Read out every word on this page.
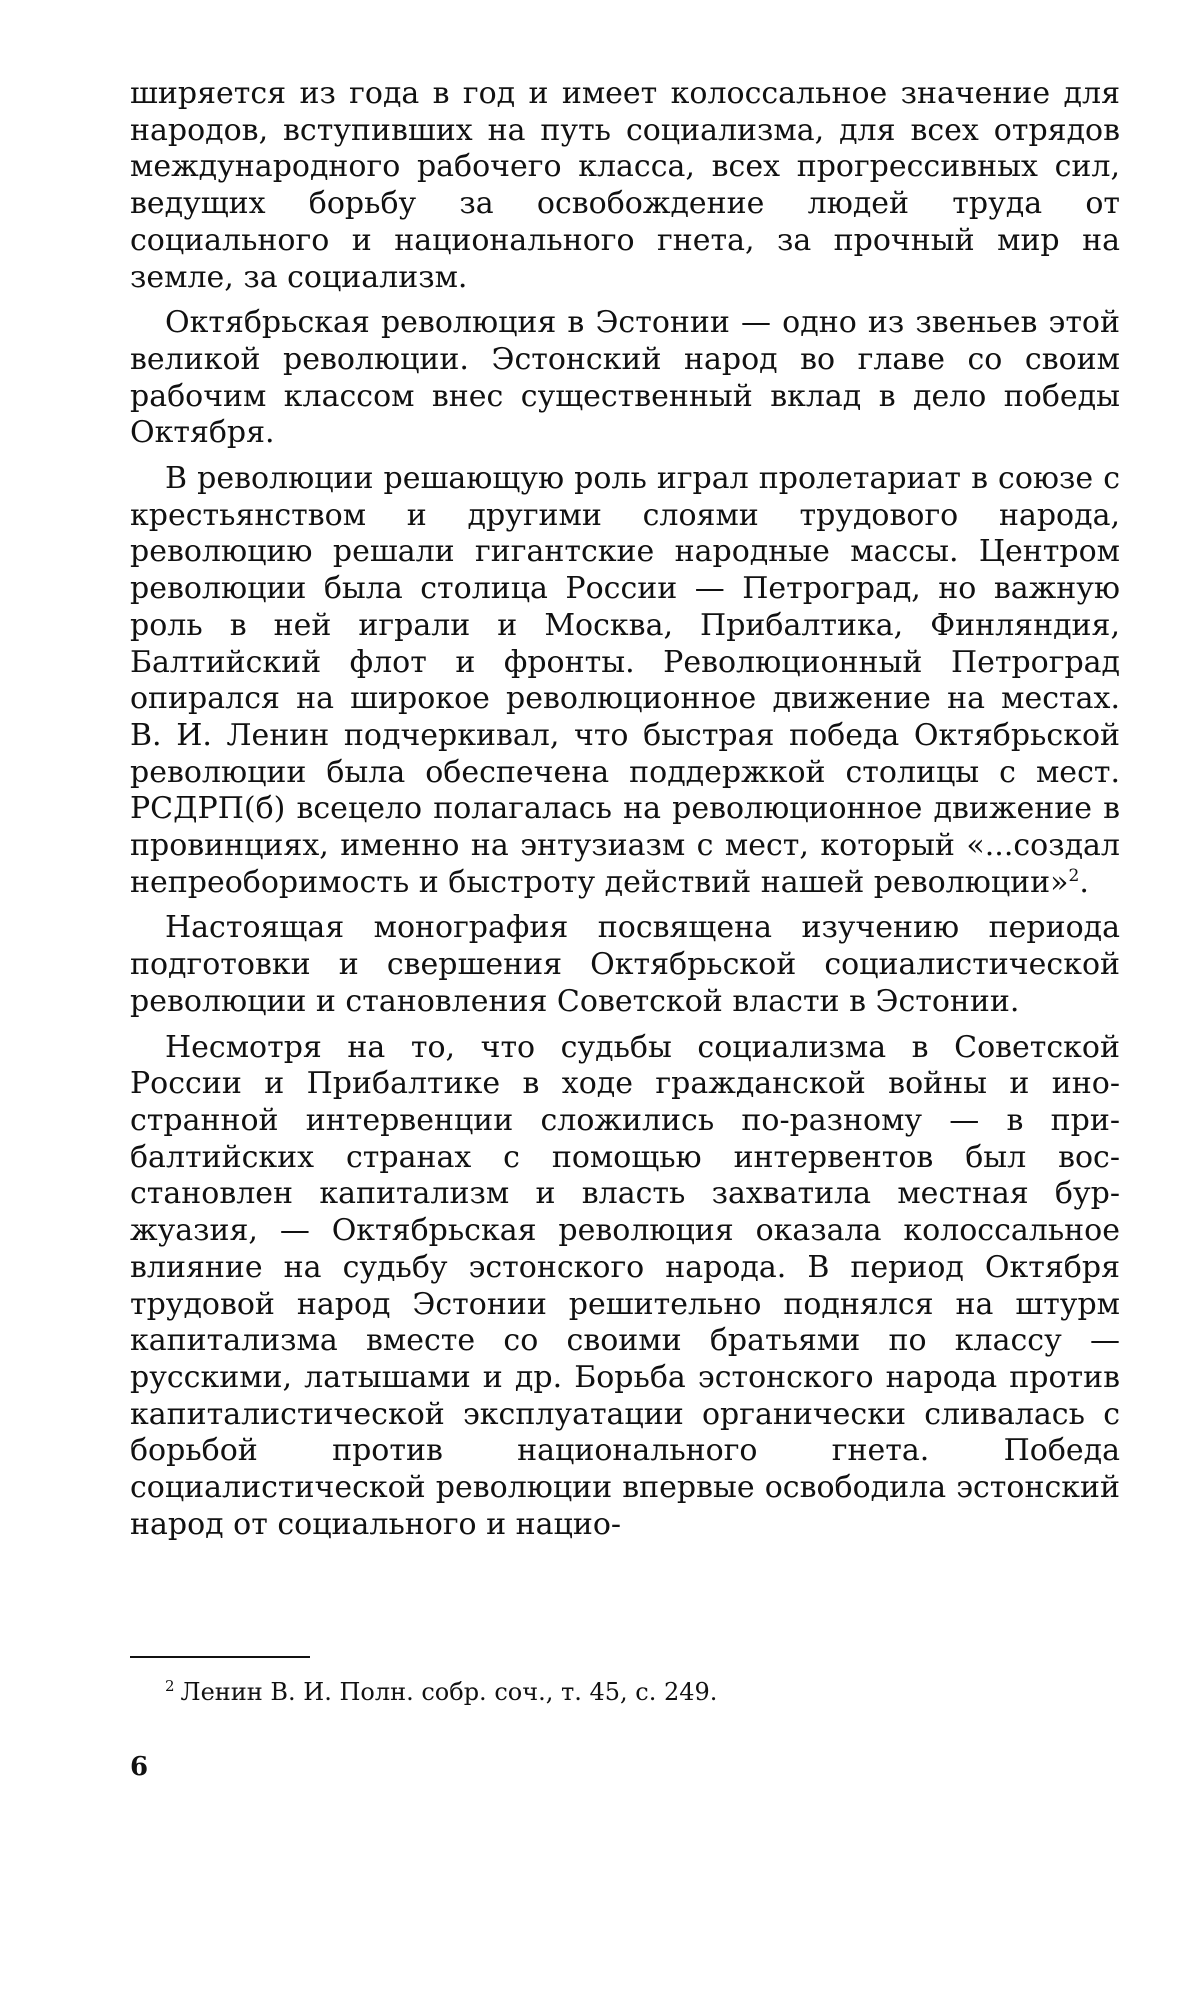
ширяется из года в год и имеет колоссальное значение для народов, вступивших на путь социализма, для всех отрядов международного рабочего класса, всех прогрессивных сил, ведущих борьбу за освобождение людей труда от социального и национального гнета, за прочный мир на земле, за социализм.

Октябрьская революция в Эстонии — одно из звеньев этой великой революции. Эстонский народ во главе со своим рабочим классом внес существенный вклад в дело победы Октября.

В революции решающую роль играл пролетариат в союзе с крестьянством и другими слоями трудового народа, революцию решали гигантские народные массы. Центром революции была столица России — Петроград, но важную роль в ней играли и Москва, Прибалтика, Финляндия, Балтийский флот и фронты. Революционный Петроград опирался на широкое революционное движение на местах. В. И. Ленин подчеркивал, что быстрая победа Октябрьской революции была обеспечена поддержкой столицы с мест. РСДРП(б) всецело полагалась на революционное движение в провинциях, именно на энтузиазм с мест, который «...создал непреоборимость и быстроту действий нашей революции»$^2$.

Настоящая монография посвящена изучению периода подготовки и свершения Октябрьской социалистической революции и становления Советской власти в Эстонии.

Несмотря на то, что судьбы социализма в Советской России и Прибалтике в ходе гражданской войны и иностранной интервенции сложились по-разному — в прибалтийских странах с помощью интервентов был восстановлен капитализм и власть захватила местная буржуазия, — Октябрьская революция оказала колоссальное влияние на судьбу эстонского народа. В период Октября трудовой народ Эстонии решительно поднялся на штурм капитализма вместе со своими братьями по классу — русскими, латышами и др. Борьба эстонского народа против капиталистической эксплуатации органически сливалась с борьбой против национального гнета. Победа социалистической революции впервые освободила эстонский народ от социального и нацио-

$^2$ Ленин В. И. Полн. собр. соч., т. 45, с. 249.
6
